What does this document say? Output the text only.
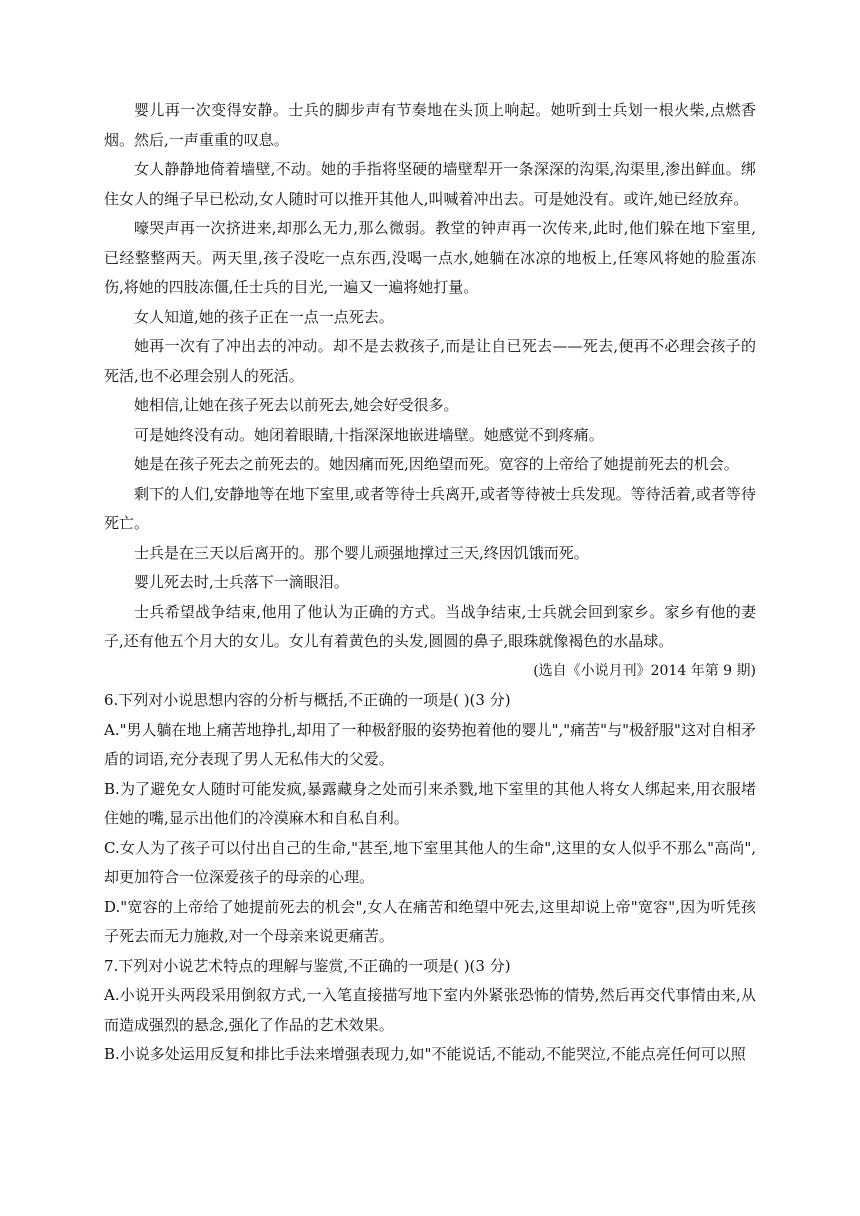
婴儿再一次变得安静。士兵的脚步声有节奏地在头顶上响起。她听到士兵划一根火柴,点燃香烟。然后,一声重重的叹息。

女人静静地倚着墙壁,不动。她的手指将坚硬的墙壁犁开一条深深的沟渠,沟渠里,渗出鲜血。绑住女人的绳子早已松动,女人随时可以推开其他人,叫喊着冲出去。可是她没有。或许,她已经放弃。

嚎哭声再一次挤进来,却那么无力,那么微弱。教堂的钟声再一次传来,此时,他们躲在地下室里,已经整整两天。两天里,孩子没吃一点东西,没喝一点水,她躺在冰凉的地板上,任寒风将她的脸蛋冻伤,将她的四肢冻僵,任士兵的目光,一遍又一遍将她打量。

女人知道,她的孩子正在一点一点死去。

她再一次有了冲出去的冲动。却不是去救孩子,而是让自已死去——死去,便再不必理会孩子的死活,也不必理会别人的死活。

她相信,让她在孩子死去以前死去,她会好受很多。

可是她终没有动。她闭着眼睛,十指深深地嵌进墙壁。她感觉不到疼痛。

她是在孩子死去之前死去的。她因痛而死,因绝望而死。宽容的上帝给了她提前死去的机会。

剩下的人们,安静地等在地下室里,或者等待士兵离开,或者等待被士兵发现。等待活着,或者等待死亡。

士兵是在三天以后离开的。那个婴儿顽强地撑过三天,终因饥饿而死。

婴儿死去时,士兵落下一滴眼泪。

士兵希望战争结束,他用了他认为正确的方式。当战争结束,士兵就会回到家乡。家乡有他的妻子,还有他五个月大的女儿。女儿有着黄色的头发,圆圆的鼻子,眼珠就像褐色的水晶球。

(选自《小说月刊》2014 年第 9 期)

6.下列对小说思想内容的分析与概括,不正确的一项是( )(3 分)

A."男人躺在地上痛苦地挣扎,却用了一种极舒服的姿势抱着他的婴儿","痛苦"与"极舒服"这对自相矛盾的词语,充分表现了男人无私伟大的父爱。

B.为了避免女人随时可能发疯,暴露藏身之处而引来杀戮,地下室里的其他人将女人绑起来,用衣服堵住她的嘴,显示出他们的冷漠麻木和自私自利。

C.女人为了孩子可以付出自己的生命,"甚至,地下室里其他人的生命",这里的女人似乎不那么"高尚",却更加符合一位深爱孩子的母亲的心理。

D."宽容的上帝给了她提前死去的机会",女人在痛苦和绝望中死去,这里却说上帝"宽容",因为听凭孩子死去而无力施救,对一个母亲来说更痛苦。

7.下列对小说艺术特点的理解与鉴赏,不正确的一项是( )(3 分)

A.小说开头两段采用倒叙方式,一入笔直接描写地下室内外紧张恐怖的情势,然后再交代事情由来,从而造成强烈的悬念,强化了作品的艺术效果。

B.小说多处运用反复和排比手法来增强表现力,如"不能说话,不能动,不能哭泣,不能点亮任何可以照
